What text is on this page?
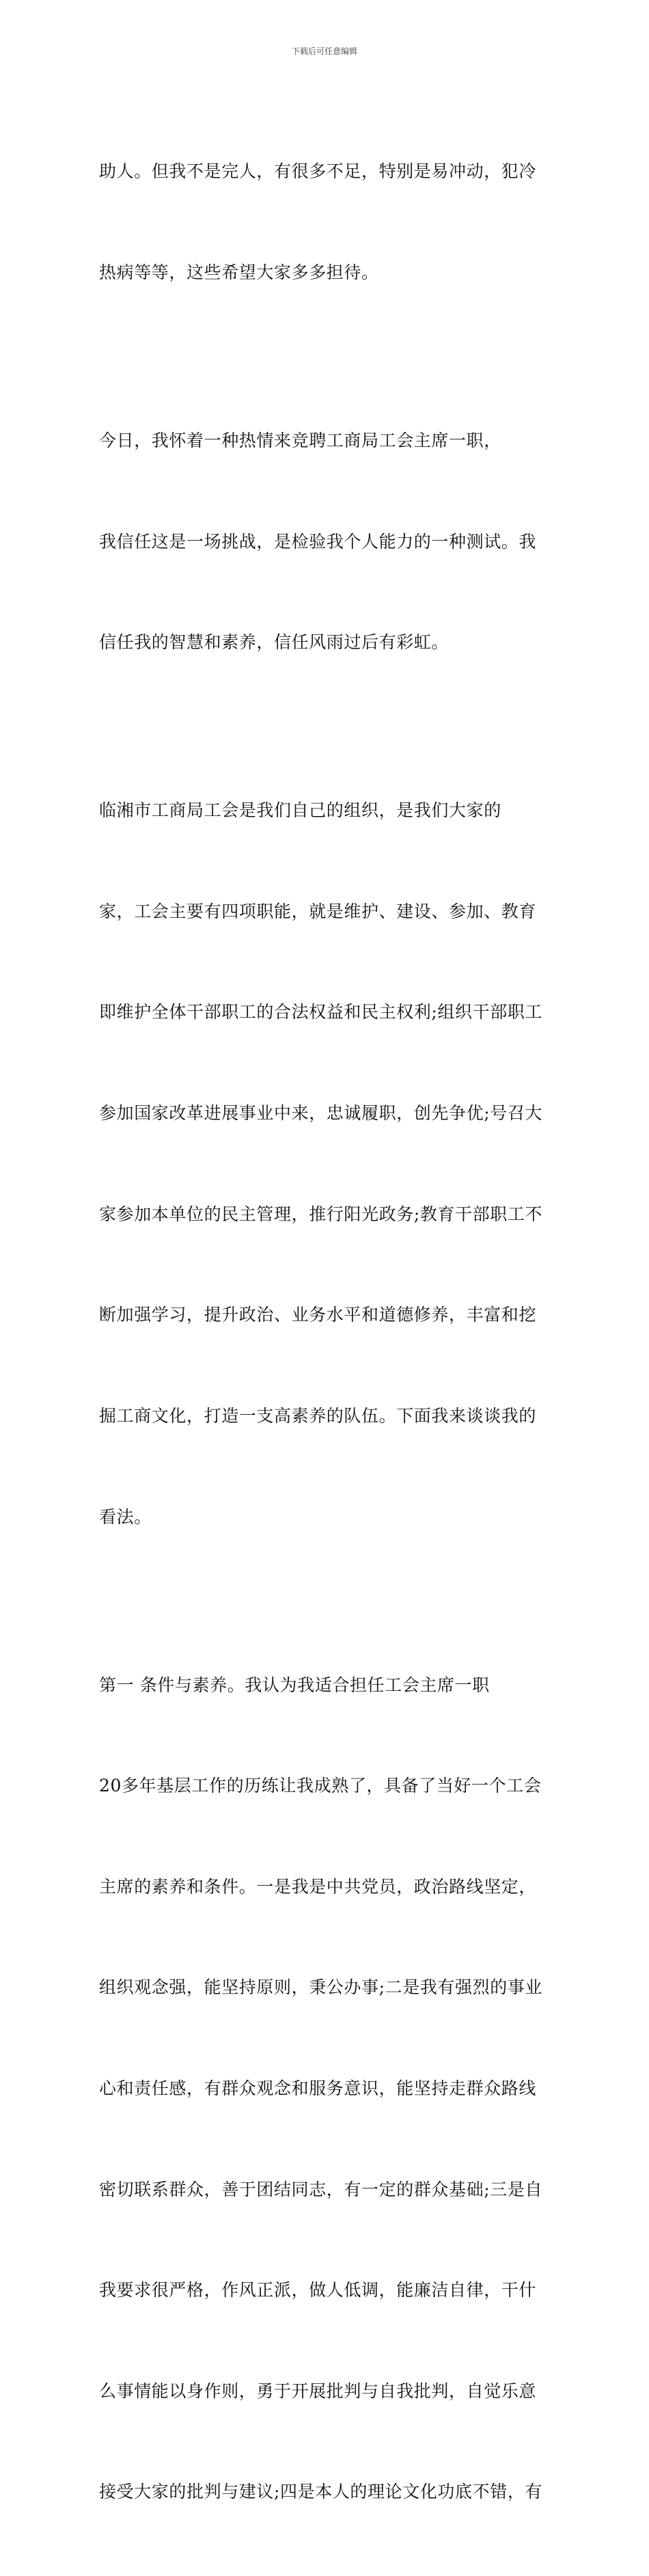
下载后可任意编辑

助人。但我不是完人，有很多不足，特别是易冲动，犯冷

热病等等，这些希望大家多多担待。

今日，我怀着一种热情来竞聘工商局工会主席一职，

我信任这是一场挑战，是检验我个人能力的一种测试。我

信任我的智慧和素养，信任风雨过后有彩虹。

临湘市工商局工会是我们自己的组织，是我们大家的

家，工会主要有四项职能，就是维护、建设、参加、教育

即维护全体干部职工的合法权益和民主权利;组织干部职工

参加国家改革进展事业中来，忠诚履职，创先争优;号召大

家参加本单位的民主管理，推行阳光政务;教育干部职工不

断加强学习，提升政治、业务水平和道德修养，丰富和挖

掘工商文化，打造一支高素养的队伍。下面我来谈谈我的

看法。

第一 条件与素养。我认为我适合担任工会主席一职

20多年基层工作的历练让我成熟了，具备了当好一个工会

主席的素养和条件。一是我是中共党员，政治路线坚定，

组织观念强，能坚持原则，秉公办事;二是我有强烈的事业

心和责任感，有群众观念和服务意识，能坚持走群众路线

密切联系群众，善于团结同志，有一定的群众基础;三是自

我要求很严格，作风正派，做人低调，能廉洁自律，干什

么事情能以身作则，勇于开展批判与自我批判，自觉乐意

接受大家的批判与建议;四是本人的理论文化功底不错，有
